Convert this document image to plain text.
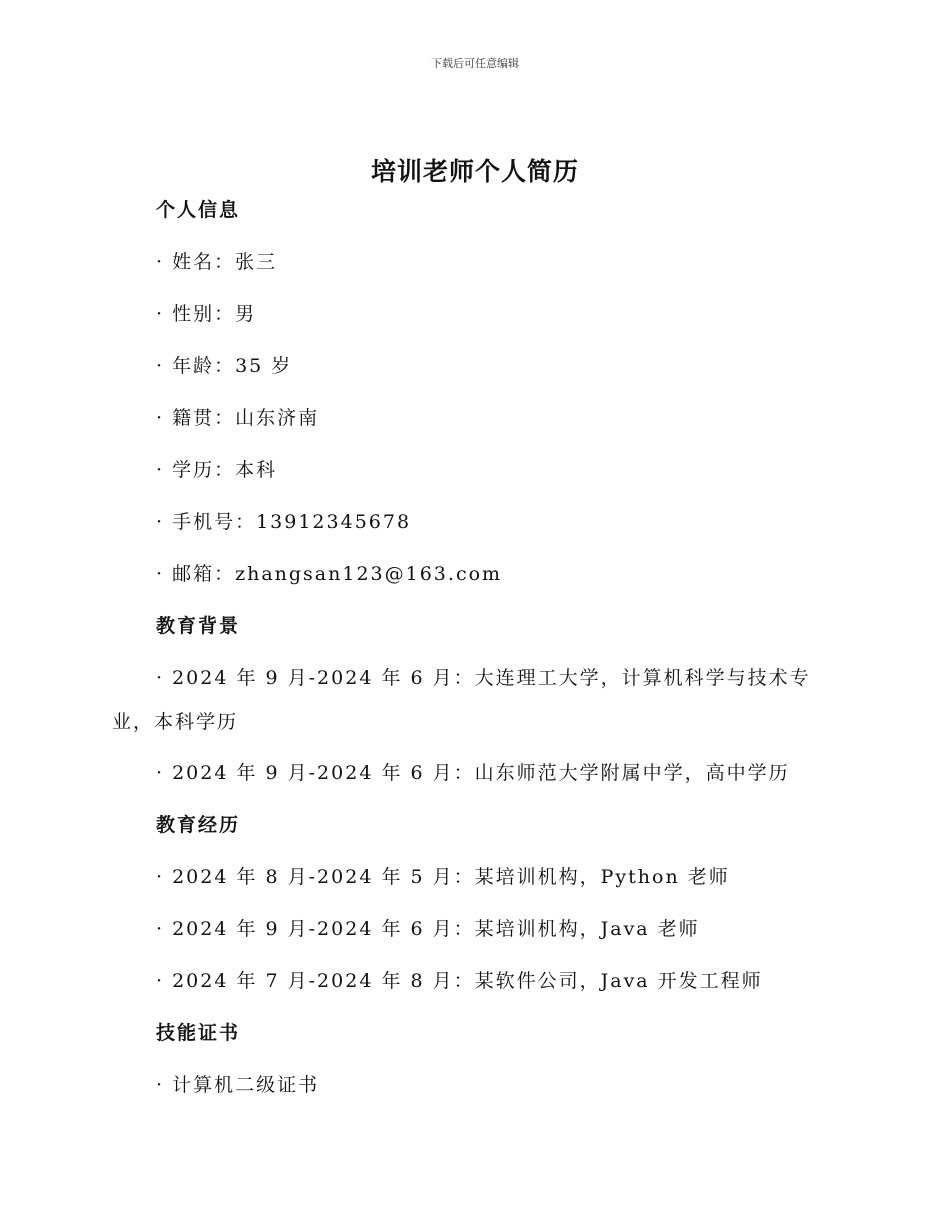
下载后可任意编辑
培训老师个人简历
个人信息

· 姓名：张三

· 性别：男

· 年龄：35 岁

· 籍贯：山东济南

· 学历：本科

· 手机号：13912345678

· 邮箱：zhangsan123@163.com

教育背景

· 2024 年 9 月-2024 年 6 月：大连理工大学，计算机科学与技术专业，本科学历

· 2024 年 9 月-2024 年 6 月：山东师范大学附属中学，高中学历

教育经历

· 2024 年 8 月-2024 年 5 月：某培训机构，Python 老师

· 2024 年 9 月-2024 年 6 月：某培训机构，Java 老师

· 2024 年 7 月-2024 年 8 月：某软件公司，Java 开发工程师

技能证书

· 计算机二级证书
